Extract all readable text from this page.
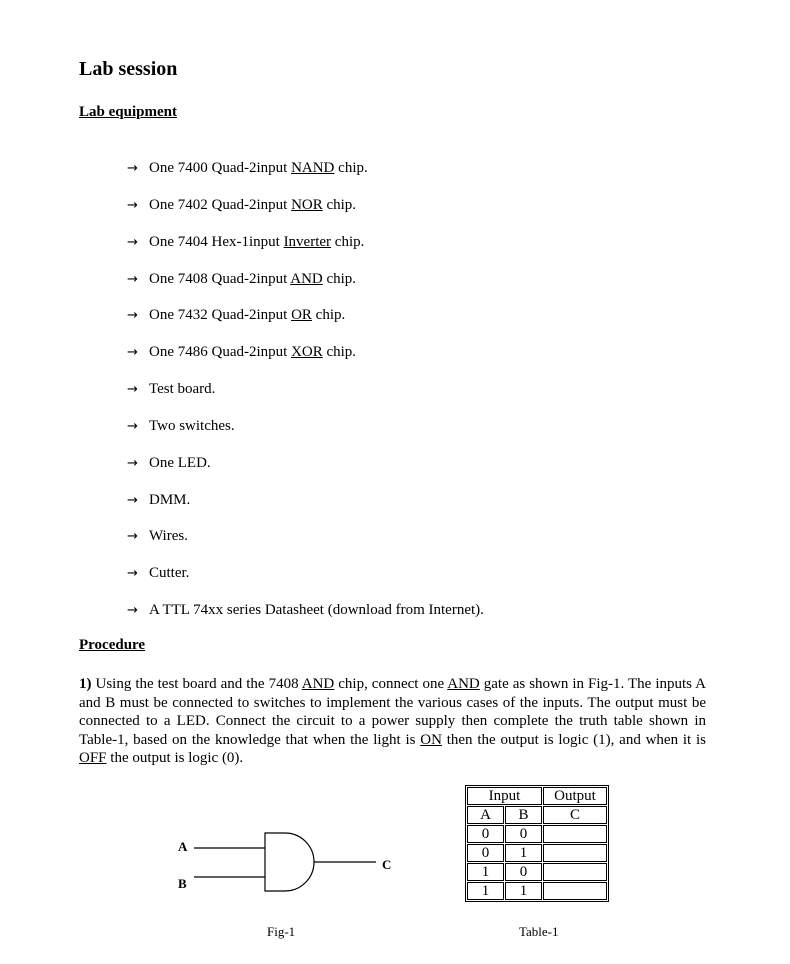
Lab session
Lab equipment
→ One 7400 Quad-2input NAND chip.
→ One 7402 Quad-2input NOR chip.
→ One 7404 Hex-1input Inverter chip.
→ One 7408 Quad-2input AND chip.
→ One 7432 Quad-2input OR chip.
→ One 7486 Quad-2input XOR chip.
→ Test board.
→ Two switches.
→ One LED.
→ DMM.
→ Wires.
→ Cutter.
→ A TTL 74xx series Datasheet (download from Internet).
Procedure

1) Using the test board and the 7408 AND chip, connect one AND gate as shown in Fig-1. The inputs A and B must be connected to switches to implement the various cases of the inputs. The output must be connected to a LED. Connect the circuit to a power supply then complete the truth table shown in Table-1, based on the knowledge that when the light is ON then the output is logic (1), and when it is OFF the output is logic (0).

A
B
C
Fig-1
Input		Output
A	B	C
0	0	
0	1	
1	0	
1	1	
Table-1
